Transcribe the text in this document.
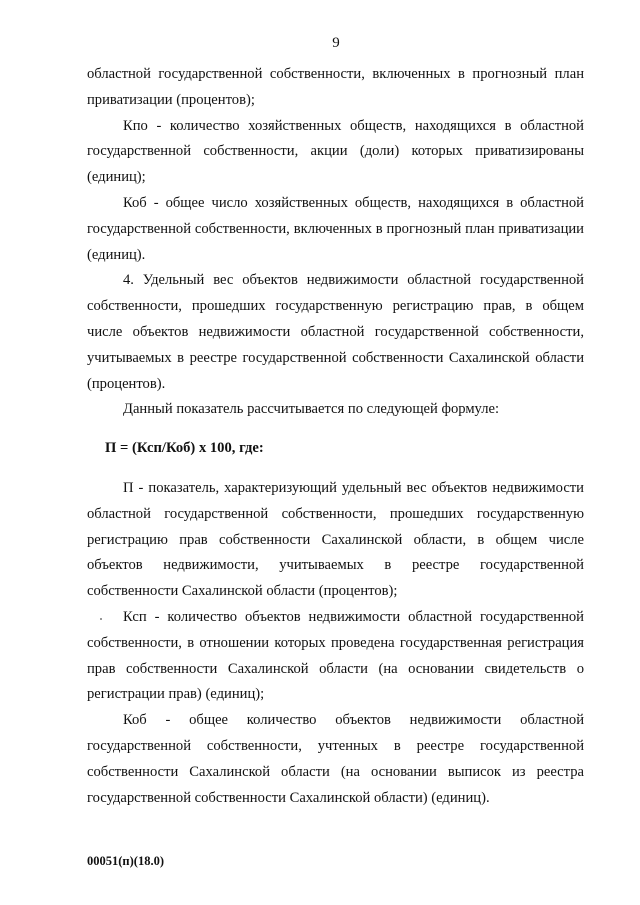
9

областной государственной собственности, включенных в прогнозный план приватизации (процентов);

Кпо - количество хозяйственных обществ, находящихся в областной государственной собственности, акции (доли) которых приватизированы (единиц);

Коб - общее число хозяйственных обществ, находящихся в областной государственной собственности, включенных в прогнозный план приватизации (единиц).

4. Удельный вес объектов недвижимости областной государственной собственности, прошедших государственную регистрацию прав, в общем числе объектов недвижимости областной государственной собственности, учитываемых в реестре государственной собственности Сахалинской области (процентов).

Данный показатель рассчитывается по следующей формуле:

П = (Ксп/Коб) х 100, где:

П - показатель, характеризующий удельный вес объектов недвижимости областной государственной собственности, прошедших государственную регистрацию прав собственности Сахалинской области, в общем числе объектов недвижимости, учитываемых в реестре государственной собственности Сахалинской области (процентов);

Ксп - количество объектов недвижимости областной государственной собственности, в отношении которых проведена государственная регистрация прав собственности Сахалинской области (на основании свидетельств о регистрации прав) (единиц);

Коб - общее количество объектов недвижимости областной государственной собственности, учтенных в реестре государственной собственности Сахалинской области (на основании выписок из реестра государственной собственности Сахалинской области) (единиц).

00051(п)(18.0)
